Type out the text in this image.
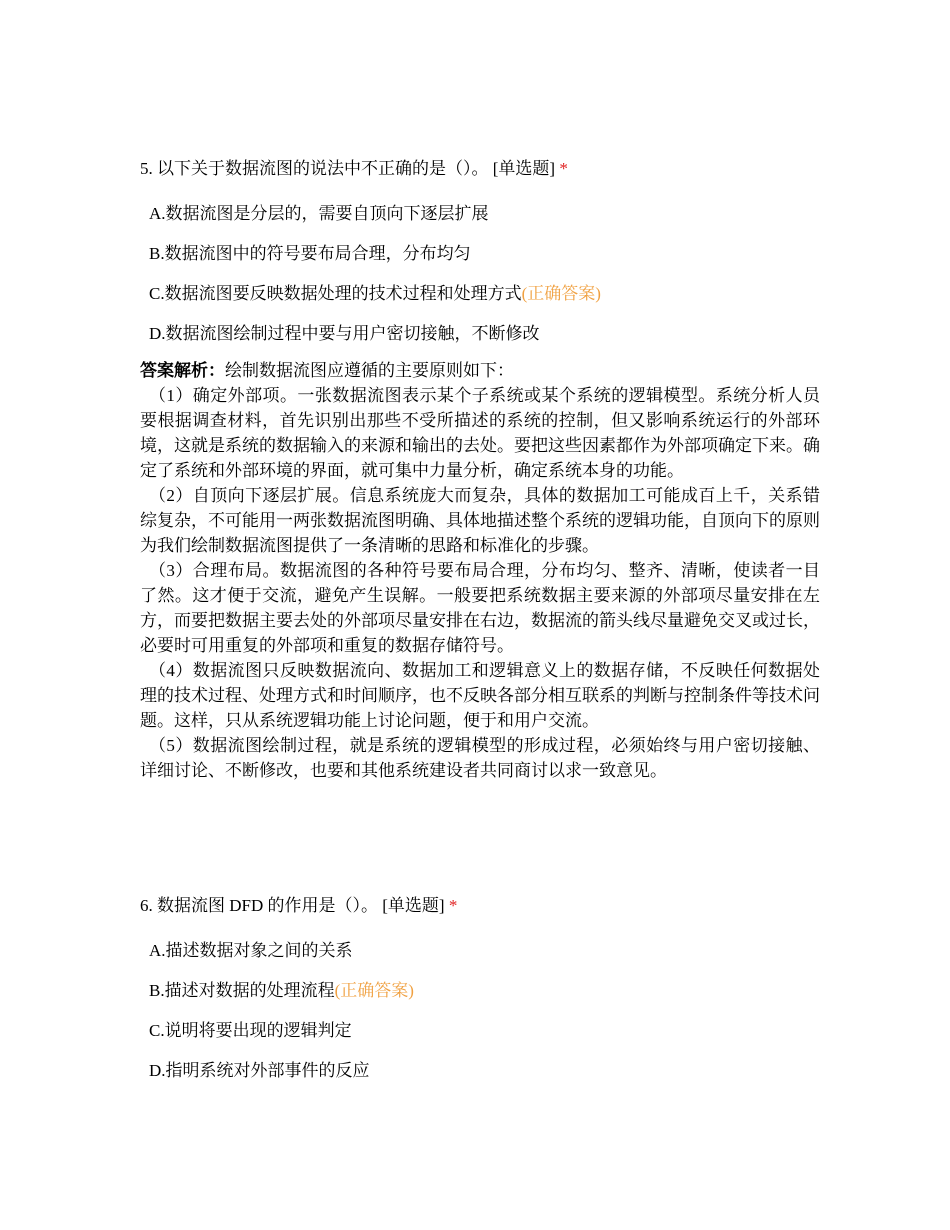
5. 以下关于数据流图的说法中不正确的是（）。 [单选题] *
A.数据流图是分层的，需要自顶向下逐层扩展
B.数据流图中的符号要布局合理，分布均匀
C.数据流图要反映数据处理的技术过程和处理方式(正确答案)
D.数据流图绘制过程中要与用户密切接触，不断修改
答案解析：绘制数据流图应遵循的主要原则如下：

（1）确定外部项。一张数据流图表示某个子系统或某个系统的逻辑模型。系统分析人员要根据调查材料，首先识别出那些不受所描述的系统的控制，但又影响系统运行的外部环境，这就是系统的数据输入的来源和输出的去处。要把这些因素都作为外部项确定下来。确定了系统和外部环境的界面，就可集中力量分析，确定系统本身的功能。

（2）自顶向下逐层扩展。信息系统庞大而复杂，具体的数据加工可能成百上千，关系错综复杂，不可能用一两张数据流图明确、具体地描述整个系统的逻辑功能，自顶向下的原则为我们绘制数据流图提供了一条清晰的思路和标准化的步骤。

（3）合理布局。数据流图的各种符号要布局合理，分布均匀、整齐、清晰，使读者一目了然。这才便于交流，避免产生误解。一般要把系统数据主要来源的外部项尽量安排在左方，而要把数据主要去处的外部项尽量安排在右边，数据流的箭头线尽量避免交叉或过长，必要时可用重复的外部项和重复的数据存储符号。

（4）数据流图只反映数据流向、数据加工和逻辑意义上的数据存储，不反映任何数据处理的技术过程、处理方式和时间顺序，也不反映各部分相互联系的判断与控制条件等技术问题。这样，只从系统逻辑功能上讨论问题，便于和用户交流。

（5）数据流图绘制过程，就是系统的逻辑模型的形成过程，必须始终与用户密切接触、详细讨论、不断修改，也要和其他系统建设者共同商讨以求一致意见。

6. 数据流图 DFD 的作用是（）。 [单选题] *
A.描述数据对象之间的关系
B.描述对数据的处理流程(正确答案)
C.说明将要出现的逻辑判定
D.指明系统对外部事件的反应
